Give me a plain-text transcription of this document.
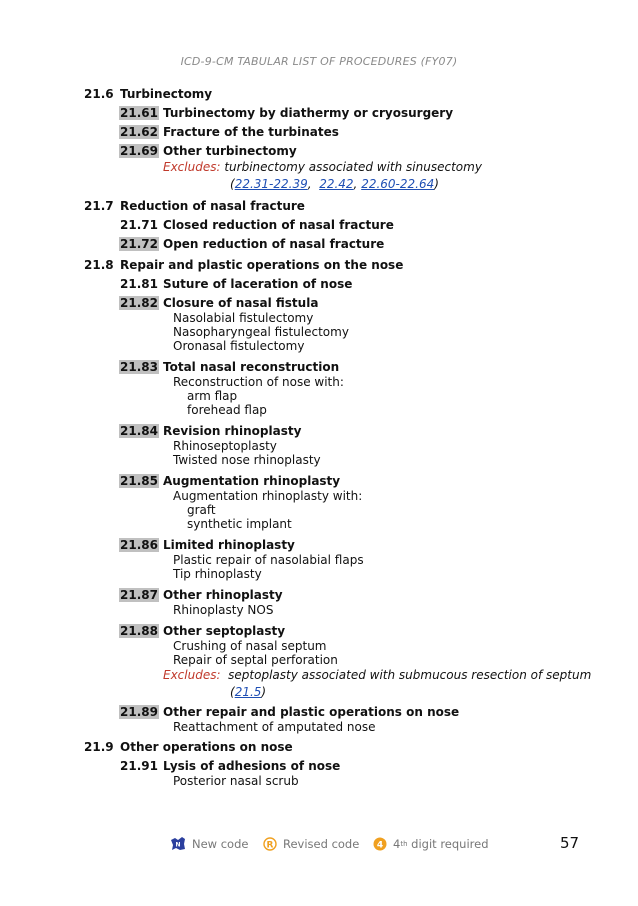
ICD-9-CM TABULAR LIST OF PROCEDURES (FY07)
21.6 Turbinectomy
21.61 Turbinectomy by diathermy or cryosurgery
21.62 Fracture of the turbinates
21.69 Other turbinectomy
Excludes: turbinectomy associated with sinusectomy
(22.31-22.39,  22.42, 22.60-22.64)
21.7 Reduction of nasal fracture
21.71 Closed reduction of nasal fracture
21.72 Open reduction of nasal fracture
21.8 Repair and plastic operations on the nose
21.81 Suture of laceration of nose
21.82 Closure of nasal fistula
Nasolabial fistulectomy
Nasopharyngeal fistulectomy
Oronasal fistulectomy
21.83 Total nasal reconstruction
Reconstruction of nose with:
arm flap
forehead flap
21.84 Revision rhinoplasty
Rhinoseptoplasty
Twisted nose rhinoplasty
21.85 Augmentation rhinoplasty
Augmentation rhinoplasty with:
graft
synthetic implant
21.86 Limited rhinoplasty
Plastic repair of nasolabial flaps
Tip rhinoplasty
21.87 Other rhinoplasty
Rhinoplasty NOS
21.88 Other septoplasty
Crushing of nasal septum
Repair of septal perforation
Excludes: septoplasty associated with submucous resection of septum
(21.5)
21.89 Other repair and plastic operations on nose
Reattachment of amputated nose
21.9 Other operations on nose
21.91 Lysis of adhesions of nose
Posterior nasal scrub
N New code R Revised code 4 4 th digit required	57
